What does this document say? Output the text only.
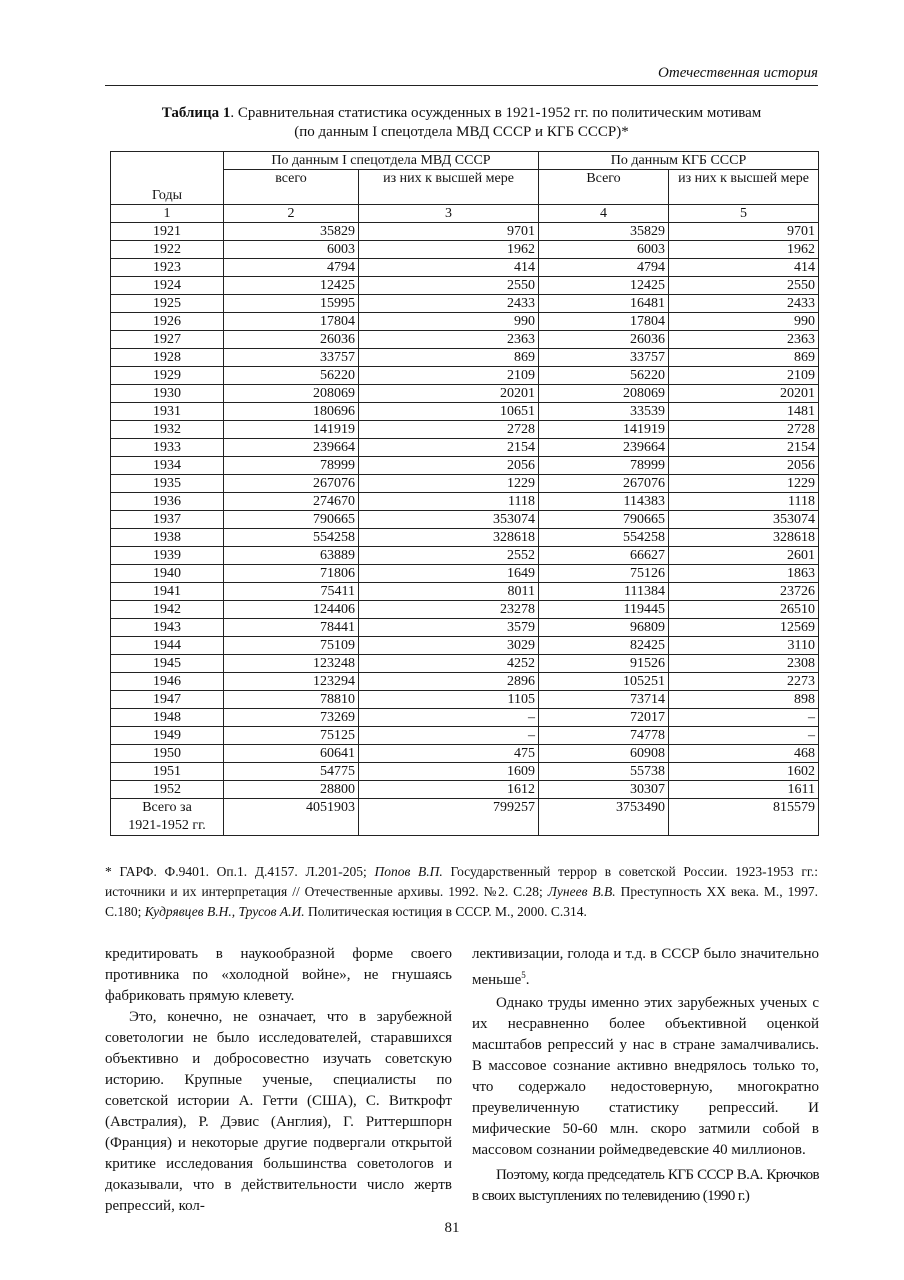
Отечественная история
Таблица 1. Сравнительная статистика осужденных в 1921-1952 гг. по политическим мотивам
(по данным I спецотдела МВД СССР и КГБ СССР)*
Годы	По данным I спецотдела МВД СССР		По данным КГБ СССР	
	всего	из них к высшей мере	Всего	из них к высшей мере
1	2	3	4	5
1921	35829	9701	35829	9701
1922	6003	1962	6003	1962
1923	4794	414	4794	414
1924	12425	2550	12425	2550
1925	15995	2433	16481	2433
1926	17804	990	17804	990
1927	26036	2363	26036	2363
1928	33757	869	33757	869
1929	56220	2109	56220	2109
1930	208069	20201	208069	20201
1931	180696	10651	33539	1481
1932	141919	2728	141919	2728
1933	239664	2154	239664	2154
1934	78999	2056	78999	2056
1935	267076	1229	267076	1229
1936	274670	1118	114383	1118
1937	790665	353074	790665	353074
1938	554258	328618	554258	328618
1939	63889	2552	66627	2601
1940	71806	1649	75126	1863
1941	75411	8011	111384	23726
1942	124406	23278	119445	26510
1943	78441	3579	96809	12569
1944	75109	3029	82425	3110
1945	123248	4252	91526	2308
1946	123294	2896	105251	2273
1947	78810	1105	73714	898
1948	73269	–	72017	–
1949	75125	–	74778	–
1950	60641	475	60908	468
1951	54775	1609	55738	1602
1952	28800	1612	30307	1611

Всего за
1921-1952 гг.	4051903	799257	3753490	815579
* ГАРФ. Ф.9401. Оп.1. Д.4157. Л.201-205; Попов В.П. Государственный террор в советской России. 1923-1953 гг.: источники и их интерпретация // Отечественные архивы. 1992. №2. С.28; Лунеев В.В. Преступность XX века. М., 1997. С.180; Кудрявцев В.Н., Трусов А.И. Политическая юстиция в СССР. М., 2000. С.314.

кредитировать в наукообразной форме своего противника по «холодной войне», не гнушаясь фабриковать прямую клевету.

Это, конечно, не означает, что в зарубежной советологии не было исследователей, старавшихся объективно и добросовестно изучать советскую историю. Крупные ученые, специалисты по советской истории А. Гетти (США), С. Виткрофт (Австралия), Р. Дэвис (Англия), Г. Риттершпорн (Франция) и некоторые другие подвергали открытой критике исследования большинства советологов и доказывали, что в действительности число жертв репрессий, кол-

лективизации, голода и т.д. в СССР было значительно меньше$^5$.

Однако труды именно этих зарубежных ученых с их несравненно более объективной оценкой масштабов репрессий у нас в стране замалчивались. В массовое сознание активно внедрялось только то, что содержало недостоверную, многократно преувеличенную статистику репрессий. И мифические 50-60 млн. скоро затмили собой в массовом сознании роймедведевские 40 миллионов.

Поэтому, когда председатель КГБ СССР В.А. Крючков в своих выступлениях по телевидению (1990 г.)

81
